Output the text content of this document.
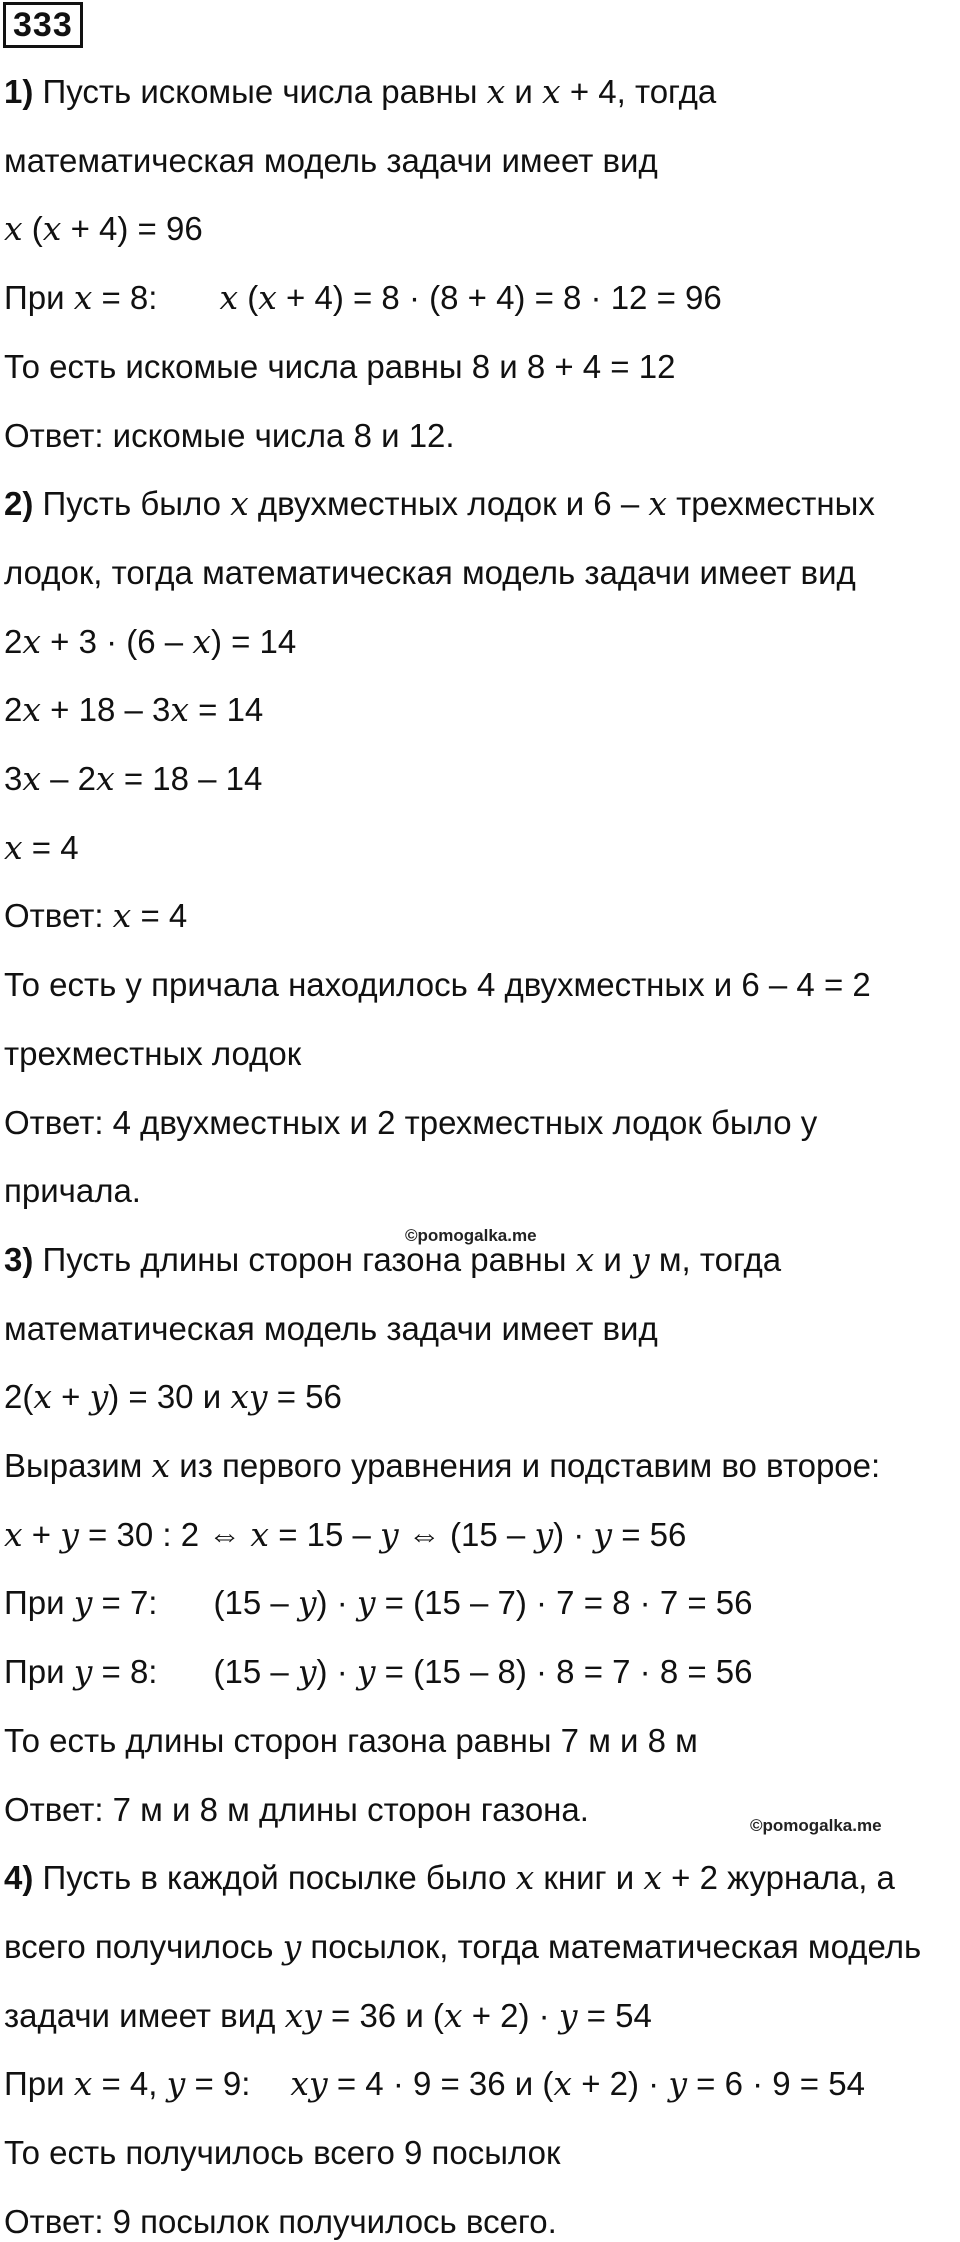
333
1) Пусть искомые числа равны x и x + 4, тогда
математическая модель задачи имеет вид
x (x + 4) = 96
При x = 8: x (x + 4) = 8 · (8 + 4) = 8 · 12 = 96
То есть искомые числа равны 8 и 8 + 4 = 12
Ответ: искомые числа 8 и 12.
2) Пусть было x двухместных лодок и 6 – x трехместных
лодок, тогда математическая модель задачи имеет вид
2x + 3 · (6 – x) = 14
2x + 18 – 3x = 14
3x – 2x = 18 – 14
x = 4
Ответ: x = 4
То есть у причала находилось 4 двухместных и 6 – 4 = 2
трехместных лодок
Ответ: 4 двухместных и 2 трехместных лодок было у
причала.
3) Пусть длины сторон газона равны x и y м, тогда
математическая модель задачи имеет вид
2(x + y) = 30 и xy = 56
Выразим x из первого уравнения и подставим во второе:
x + y = 30 : 2 ⇔ x = 15 – y ⇔ (15 – y) · y = 56
При y = 7: (15 – y) · y = (15 – 7) · 7 = 8 · 7 = 56
При y = 8: (15 – y) · y = (15 – 8) · 8 = 7 · 8 = 56
То есть длины сторон газона равны 7 м и 8 м
Ответ: 7 м и 8 м длины сторон газона.
4) Пусть в каждой посылке было x книг и x + 2 журнала, а
всего получилось y посылок, тогда математическая модель
задачи имеет вид xy = 36 и (x + 2) · y = 54
При x = 4, y = 9: xy = 4 · 9 = 36 и (x + 2) · y = 6 · 9 = 54
То есть получилось всего 9 посылок
Ответ: 9 посылок получилось всего.
©pomogalka.me
©pomogalka.me
